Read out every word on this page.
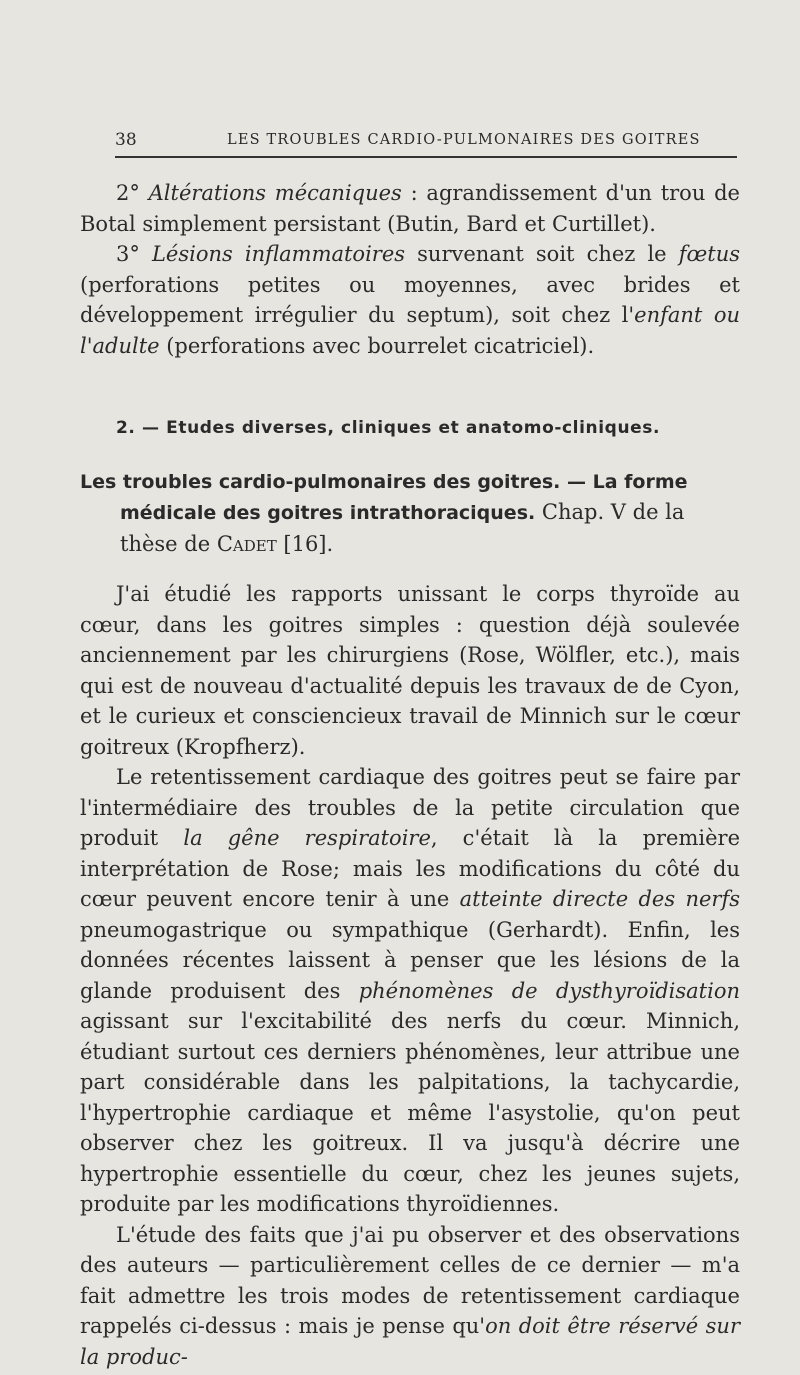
38	LES TROUBLES CARDIO-PULMONAIRES DES GOITRES

2° Altérations mécaniques : agrandissement d'un trou de Botal simplement persistant (Butin, Bard et Curtillet).

3° Lésions inflammatoires survenant soit chez le fœtus (perforations petites ou moyennes, avec brides et développement irrégulier du septum), soit chez l'enfant ou l'adulte (perforations avec bourrelet cicatriciel).

2. — Etudes diverses, cliniques et anatomo-cliniques.

Les troubles cardio-pulmonaires des goitres. — La forme médicale des goitres intrathoraciques. Chap. V de la thèse de Cadet [16].

J'ai étudié les rapports unissant le corps thyroïde au cœur, dans les goitres simples : question déjà soulevée anciennement par les chirurgiens (Rose, Wölfler, etc.), mais qui est de nouveau d'actualité depuis les travaux de de Cyon, et le curieux et consciencieux travail de Minnich sur le cœur goitreux (Kropfherz).

Le retentissement cardiaque des goitres peut se faire par l'intermédiaire des troubles de la petite circulation que produit la gêne respiratoire, c'était là la première interprétation de Rose; mais les modifications du côté du cœur peuvent encore tenir à une atteinte directe des nerfs pneumogastrique ou sympathique (Gerhardt). Enfin, les données récentes laissent à penser que les lésions de la glande produisent des phénomènes de dysthyroïdisation agissant sur l'excitabilité des nerfs du cœur. Minnich, étudiant surtout ces derniers phénomènes, leur attribue une part considérable dans les palpitations, la tachycardie, l'hypertrophie cardiaque et même l'asystolie, qu'on peut observer chez les goitreux. Il va jusqu'à décrire une hypertrophie essentielle du cœur, chez les jeunes sujets, produite par les modifications thyroïdiennes.

L'étude des faits que j'ai pu observer et des observations des auteurs — particulièrement celles de ce dernier — m'a fait admettre les trois modes de retentissement cardiaque rappelés ci-dessus : mais je pense qu'on doit être réservé sur la produc-
